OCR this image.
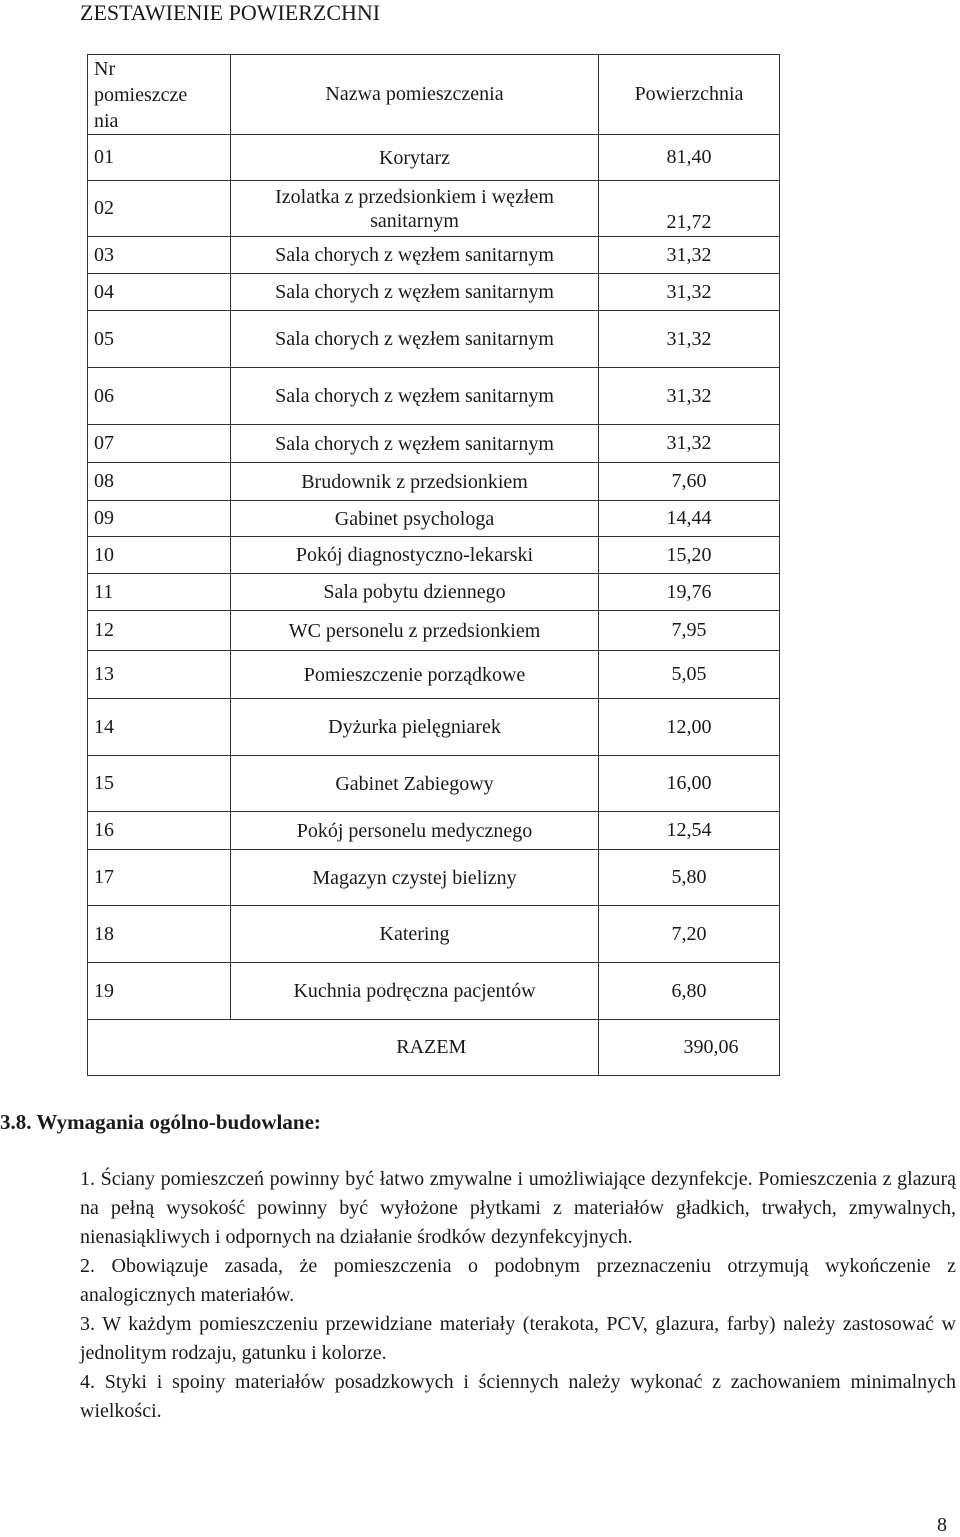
ZESTAWIENIE POWIERZCHNI
Nr
pomieszcze
nia	Nazwa pomieszczenia	Powierzchnia
01	Korytarz	81,40
02	Izolatka z przedsionkiem i węzłem sanitarnym	21,72
03	Sala chorych z węzłem sanitarnym	31,32
04	Sala chorych z węzłem sanitarnym	31,32
05	Sala chorych z węzłem sanitarnym	31,32
06	Sala chorych z węzłem sanitarnym	31,32
07	Sala chorych z węzłem sanitarnym	31,32
08	Brudownik z przedsionkiem	7,60
09	Gabinet psychologa	14,44
10	Pokój diagnostyczno-lekarski	15,20
11	Sala pobytu dziennego	19,76
12	WC personelu z przedsionkiem	7,95
13	Pomieszczenie porządkowe	5,05
14	Dyżurka pielęgniarek	12,00
15	Gabinet Zabiegowy	16,00
16	Pokój personelu medycznego	12,54
17	Magazyn czystej bielizny	5,80
18	Katering	7,20
19	Kuchnia podręczna pacjentów	6,80
	RAZEM	390,06
3.8. Wymagania ogólno-budowlane:

1. Ściany pomieszczeń powinny być łatwo zmywalne i umożliwiające dezynfekcje. Pomieszczenia z glazurą na pełną wysokość powinny być wyłożone płytkami z materiałów gładkich, trwałych, zmywalnych, nienasiąkliwych i odpornych na działanie środków dezynfekcyjnych.

2. Obowiązuje zasada, że pomieszczenia o podobnym przeznaczeniu otrzymują wykończenie z analogicznych materiałów.

3. W każdym pomieszczeniu przewidziane materiały (terakota, PCV, glazura, farby) należy zastosować w jednolitym rodzaju, gatunku i kolorze.

4. Styki i spoiny materiałów posadzkowych i ściennych należy wykonać z zachowaniem minimalnych wielkości.

8
